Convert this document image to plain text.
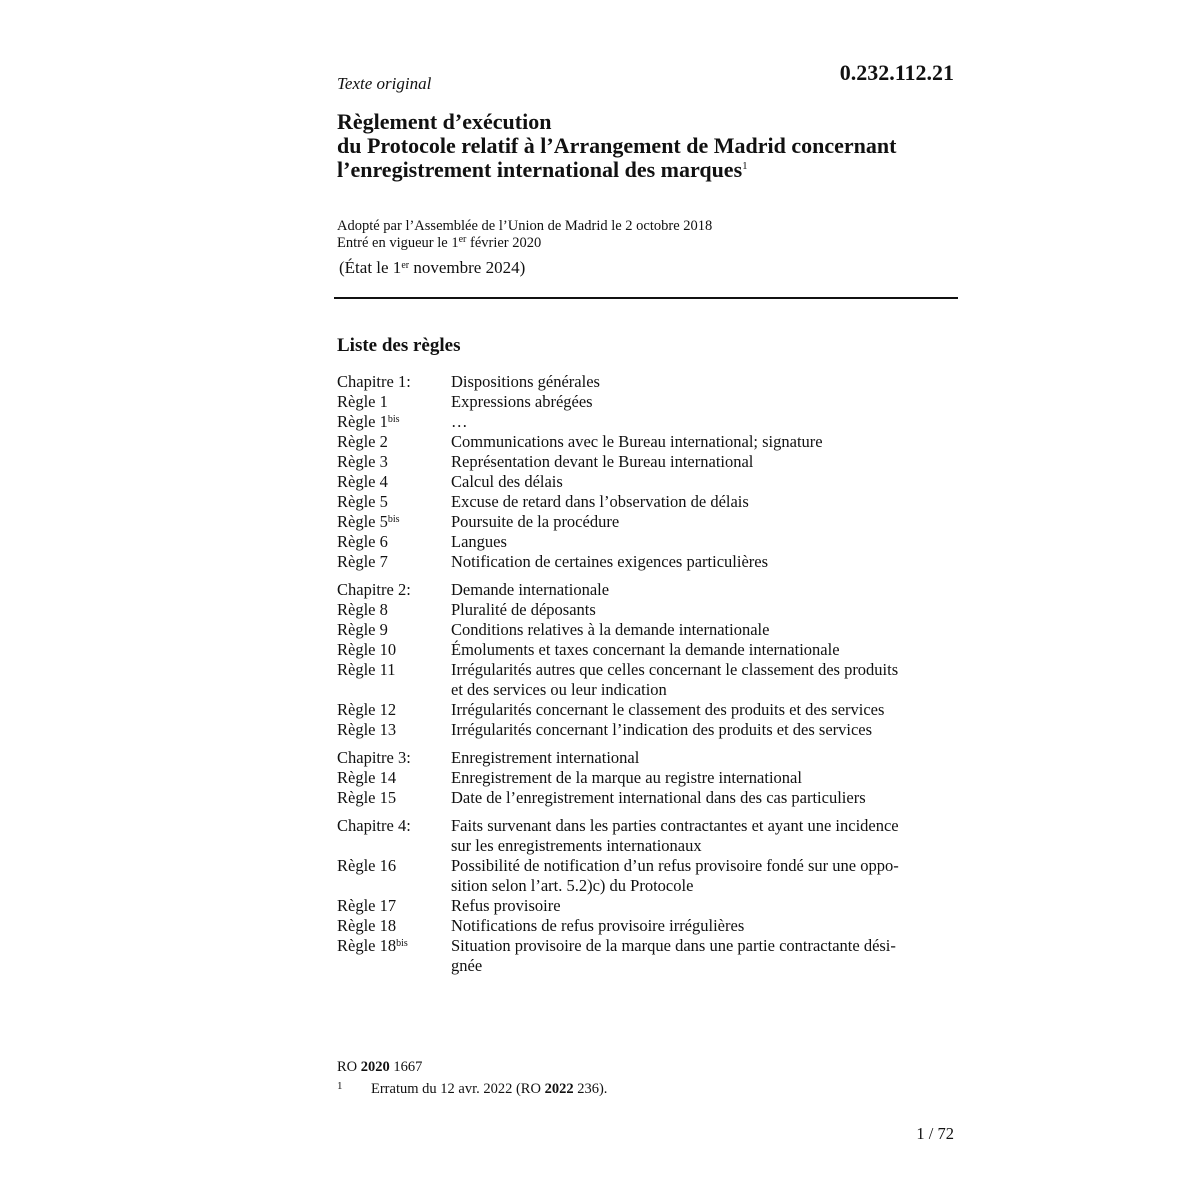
Texte original	0.232.112.21
Règlement d’exécution
du Protocole relatif à l’Arrangement de Madrid concernant
l’enregistrement international des marques$^1$
Adopté par l’Assemblée de l’Union de Madrid le 2 octobre 2018
Entré en vigueur le 1er février 2020
(État le 1er novembre 2024)
Liste des règles
Chapitre 1:	Dispositions générales
Règle 1	Expressions abrégées
Règle $1^{bis}$	…
Règle 2	Communications avec le Bureau international; signature
Règle 3	Représentation devant le Bureau international
Règle 4	Calcul des délais
Règle 5	Excuse de retard dans l’observation de délais
Règle $5^{bis}$	Poursuite de la procédure
Règle 6	Langues
Règle 7	Notification de certaines exigences particulières
Chapitre 2:	Demande internationale
Règle 8	Pluralité de déposants
Règle 9	Conditions relatives à la demande internationale
Règle 10	Émoluments et taxes concernant la demande internationale
Règle 11	Irrégularités autres que celles concernant le classement des produits
et des services ou leur indication
Règle 12	Irrégularités concernant le classement des produits et des services
Règle 13	Irrégularités concernant l’indication des produits et des services
Chapitre 3:	Enregistrement international
Règle 14	Enregistrement de la marque au registre international
Règle 15	Date de l’enregistrement international dans des cas particuliers
Chapitre 4:	Faits survenant dans les parties contractantes et ayant une incidence
sur les enregistrements internationaux
Règle 16	Possibilité de notification d’un refus provisoire fondé sur une oppo-
sition selon l’art. 5.2)c) du Protocole
Règle 17	Refus provisoire
Règle 18	Notifications de refus provisoire irrégulières
Règle $18^{bis}$	Situation provisoire de la marque dans une partie contractante dési-
gnée
RO 2020 1667
1 Erratum du 12 avr. 2022 (RO 2022 236).
1 / 72
